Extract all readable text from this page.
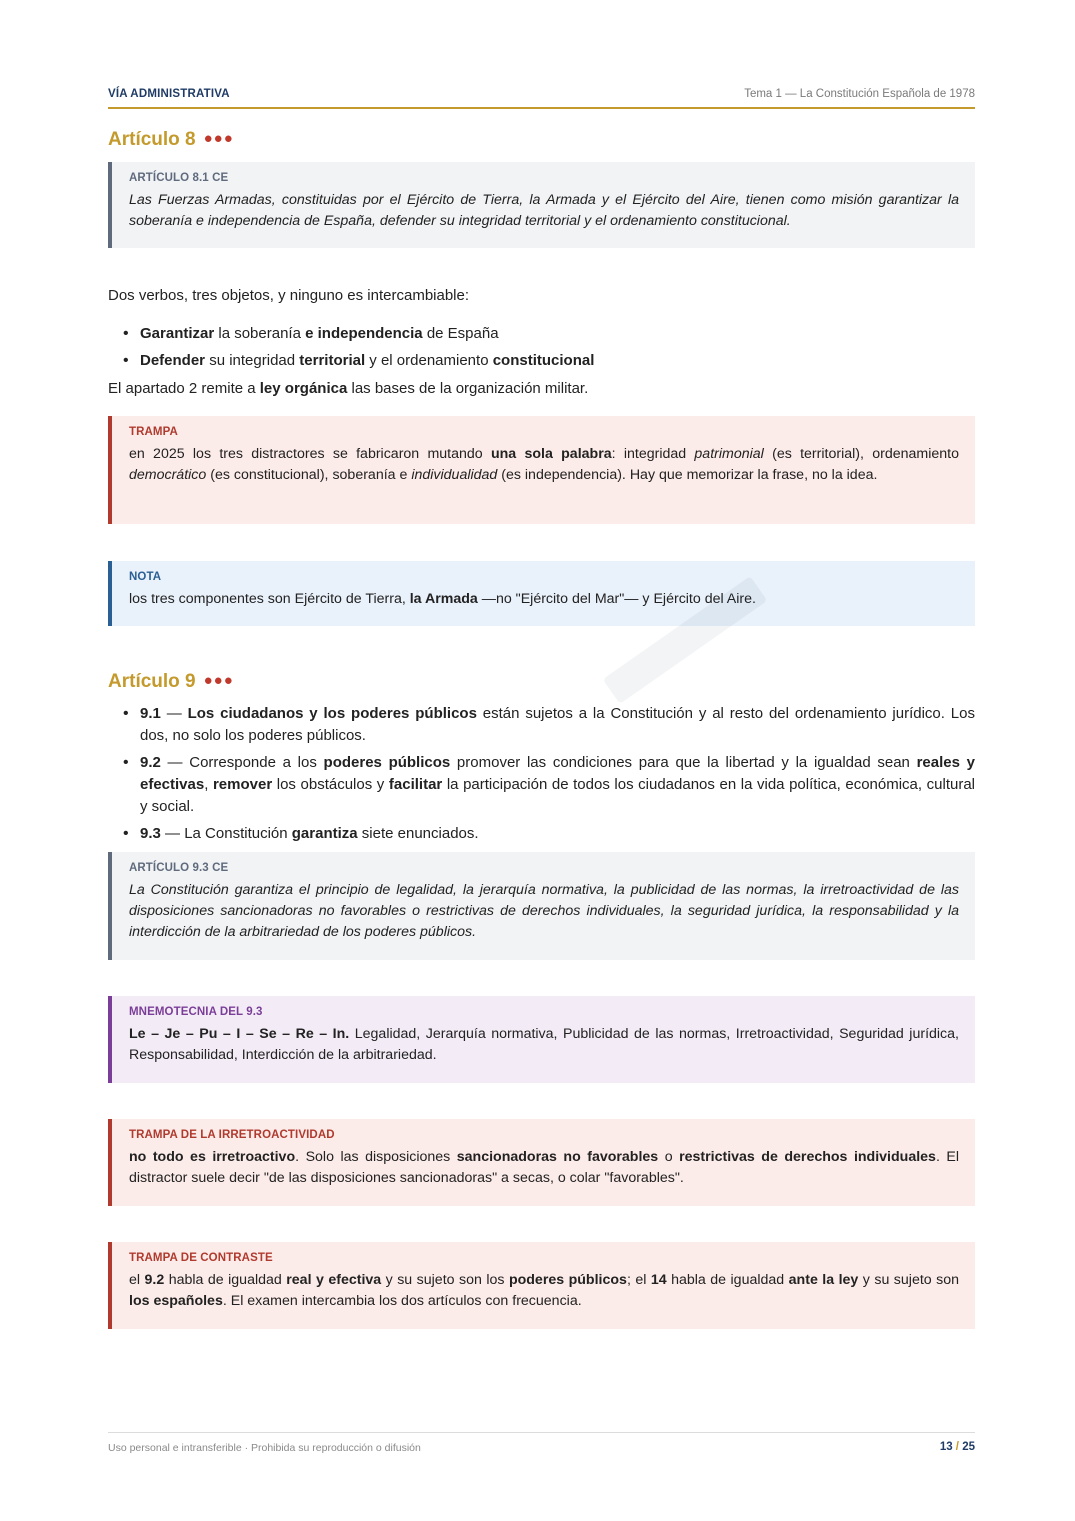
VÍA ADMINISTRATIVA	Tema 1 — La Constitución Española de 1978
Artículo 8 ●●●
ARTÍCULO 8.1 CE
Las Fuerzas Armadas, constituidas por el Ejército de Tierra, la Armada y el Ejército del Aire, tienen como misión garantizar la soberanía e independencia de España, defender su integridad territorial y el ordenamiento constitucional.
Dos verbos, tres objetos, y ninguno es intercambiable:
• Garantizar la soberanía e independencia de España
• Defender su integridad territorial y el ordenamiento constitucional
El apartado 2 remite a ley orgánica las bases de la organización militar.
TRAMPA
en 2025 los tres distractores se fabricaron mutando una sola palabra: integridad patrimonial (es territorial), ordenamiento democrático (es constitucional), soberanía e individualidad (es independencia). Hay que memorizar la frase, no la idea.
NOTA
los tres componentes son Ejército de Tierra, la Armada —no "Ejército del Mar"— y Ejército del Aire.
Artículo 9 ●●●
• 9.1 — Los ciudadanos y los poderes públicos están sujetos a la Constitución y al resto del ordenamiento jurídico. Los dos, no solo los poderes públicos.
• 9.2 — Corresponde a los poderes públicos promover las condiciones para que la libertad y la igualdad sean reales y efectivas, remover los obstáculos y facilitar la participación de todos los ciudadanos en la vida política, económica, cultural y social.
• 9.3 — La Constitución garantiza siete enunciados.
ARTÍCULO 9.3 CE
La Constitución garantiza el principio de legalidad, la jerarquía normativa, la publicidad de las normas, la irretroactividad de las disposiciones sancionadoras no favorables o restrictivas de derechos individuales, la seguridad jurídica, la responsabilidad y la interdicción de la arbitrariedad de los poderes públicos.
MNEMOTECNIA DEL 9.3
Le – Je – Pu – I – Se – Re – In. Legalidad, Jerarquía normativa, Publicidad de las normas, Irretroactividad, Seguridad jurídica, Responsabilidad, Interdicción de la arbitrariedad.
TRAMPA DE LA IRRETROACTIVIDAD
no todo es irretroactivo. Solo las disposiciones sancionadoras no favorables o restrictivas de derechos individuales. El distractor suele decir "de las disposiciones sancionadoras" a secas, o colar "favorables".
TRAMPA DE CONTRASTE
el 9.2 habla de igualdad real y efectiva y su sujeto son los poderes públicos; el 14 habla de igualdad ante la ley y su sujeto son los españoles. El examen intercambia los dos artículos con frecuencia.
Uso personal e intransferible · Prohibida su reproducción o difusión	13 / 25
